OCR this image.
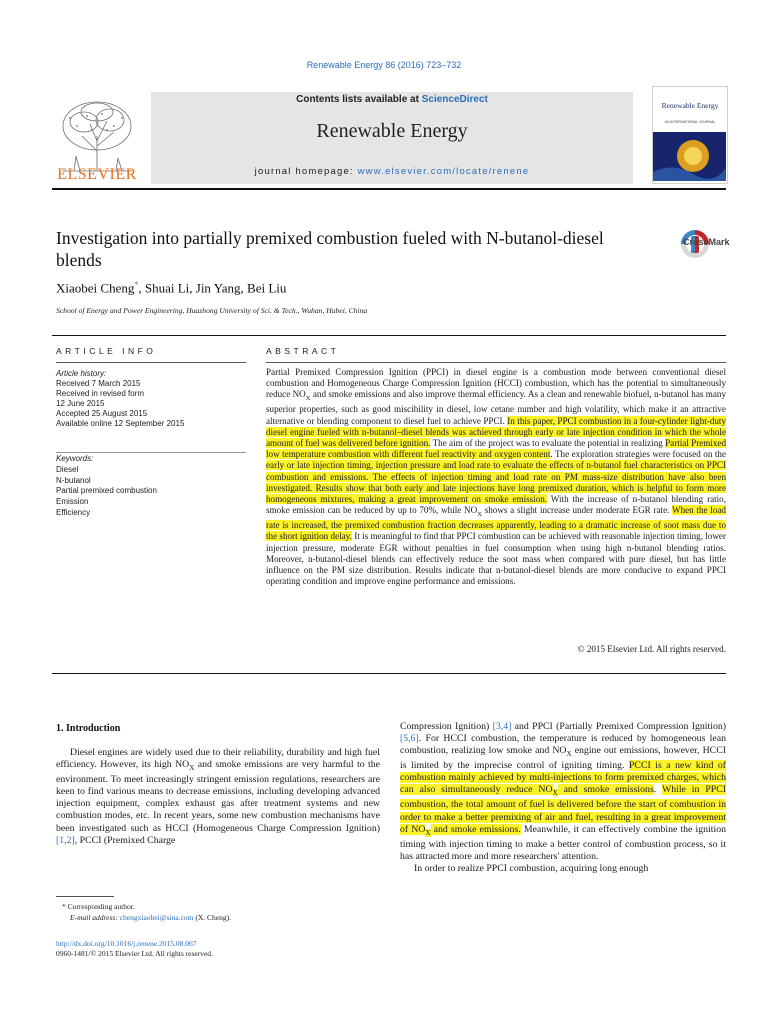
Renewable Energy 86 (2016) 723–732
Contents lists available at ScienceDirect
Renewable Energy
journal homepage: www.elsevier.com/locate/renene
ELSEVIER
Renewable Energy
AN INTERNATIONAL JOURNAL
Investigation into partially premixed combustion fueled with N-butanol-diesel blends
CrossMark
Xiaobei Cheng*, Shuai Li, Jin Yang, Bei Liu
School of Energy and Power Engineering, Huazhong University of Sci. & Tech., Wuhan, Hubei, China
ARTICLE INFO
Article history:
Received 7 March 2015
Received in revised form
12 June 2015
Accepted 25 August 2015
Available online 12 September 2015
Keywords:
Diesel
N-butanol
Partial premixed combustion
Emission
Efficiency
ABSTRACT
Partial Premixed Compression Ignition (PPCI) in diesel engine is a combustion mode between conventional diesel combustion and Homogeneous Charge Compression Ignition (HCCI) combustion, which has the potential to simultaneously reduce $NO_X$ and smoke emissions and also improve thermal efficiency. As a clean and renewable biofuel, n-butanol has many superior properties, such as good miscibility in diesel, low cetane number and high volatility, which make it an attractive alternative or blending component to diesel fuel to achieve PPCI. In this paper, PPCI combustion in a four-cylinder light-duty diesel engine fueled with n-butanol–diesel blends was achieved through early or late injection condition in which the whole amount of fuel was delivered before ignition. The aim of the project was to evaluate the potential in realizing Partial Premixed low temperature combustion with different fuel reactivity and oxygen content. The exploration strategies were focused on the early or late injection timing, injection pressure and load rate to evaluate the effects of n-butanol fuel characteristics on PPCI combustion and emissions. The effects of injection timing and load rate on PM mass-size distribution have also been investigated. Results show that both early and late injections have long premixed duration, which is helpful to form more homogeneous mixtures, making a great improvement on smoke emission. With the increase of n-butanol blending ratio, smoke emission can be reduced by up to 70%, while $NO_X$ shows a slight increase under moderate EGR rate. When the load rate is increased, the premixed combustion fraction decreases apparently, leading to a dramatic increase of soot mass due to the short ignition delay. It is meaningful to find that PPCI combustion can be achieved with reasonable injection timing, lower injection pressure, moderate EGR without penalties in fuel consumption when using high n-butanol blending ratios. Moreover, n-butanol-diesel blends can effectively reduce the soot mass when compared with pure diesel, but has little influence on the PM size distribution. Results indicate that n-butanol-diesel blends are more conducive to expand PPCI operating condition and improve engine performance and emissions.
© 2015 Elsevier Ltd. All rights reserved.
1. Introduction
Diesel engines are widely used due to their reliability, durability and high fuel efficiency. However, its high $NO_X$ and smoke emissions are very harmful to the environment. To meet increasingly stringent emission regulations, researchers are keen to find various means to decrease emissions, including developing advanced injection equipment, complex exhaust gas after treatment systems and new combustion modes, etc. In recent years, some new combustion mechanisms have been investigated such as HCCI (Homogeneous Charge Compression Ignition) [1,2], PCCI (Premixed Charge
Compression Ignition) [3,4] and PPCI (Partially Premixed Compression Ignition) [5,6]. For HCCI combustion, the temperature is reduced by homogeneous lean combustion, realizing low smoke and $NO_X$ engine out emissions, however, HCCI is limited by the imprecise control of igniting timing. PCCI is a new kind of combustion mainly achieved by multi-injections to form premixed charges, which can also simultaneously reduce $NO_X$ and smoke emissions. While in PPCI combustion, the total amount of fuel is delivered before the start of combustion in order to make a better premixing of air and fuel, resulting in a great improvement of $NO_X$ and smoke emissions. Meanwhile, it can effectively combine the ignition timing with injection timing to make a better control of combustion process, so it has attracted more and more researchers' attention.
In order to realize PPCI combustion, acquiring long enough
* Corresponding author.
E-mail address: chengxiaobei@sina.com (X. Cheng).
http://dx.doi.org/10.1016/j.renene.2015.08.067
0960-1481/© 2015 Elsevier Ltd. All rights reserved.
